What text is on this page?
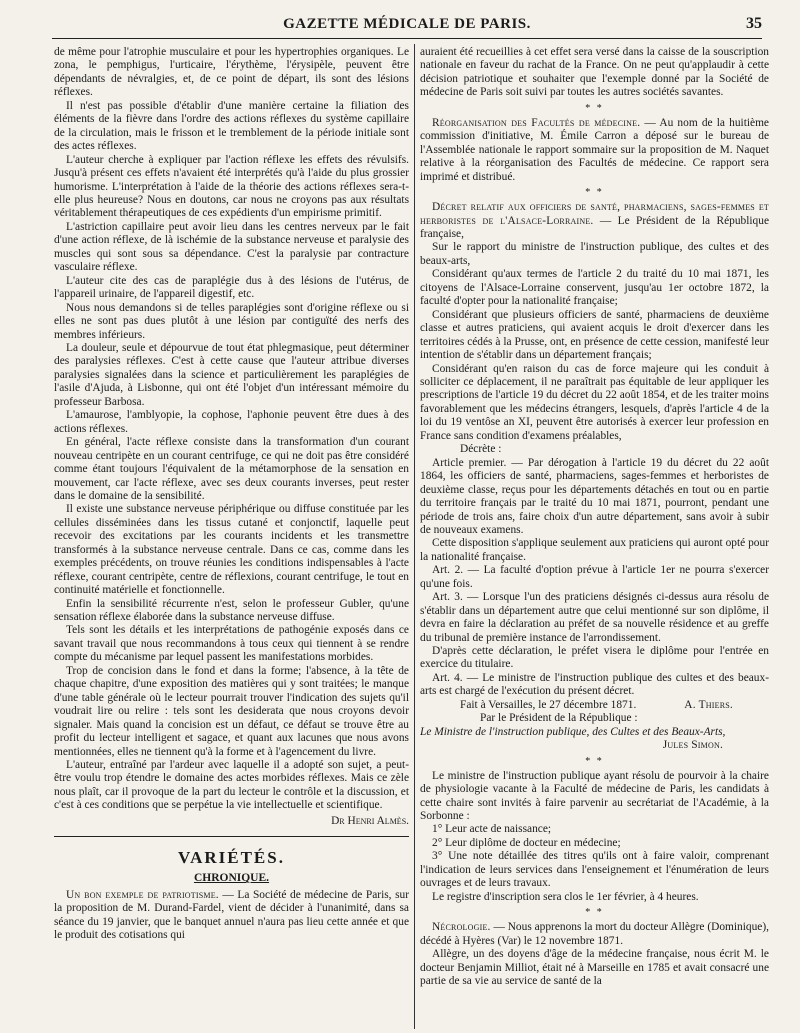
GAZETTE MÉDICALE DE PARIS.	35

de même pour l'atrophie musculaire et pour les hypertrophies organiques. Le zona, le pemphigus, l'urticaire, l'érythème, l'érysipèle, peuvent être dépendants de névralgies, et, de ce point de départ, ils sont des lésions réflexes.

Il n'est pas possible d'établir d'une manière certaine la filiation des éléments de la fièvre dans l'ordre des actions réflexes du système capillaire de la circulation, mais le frisson et le tremblement de la période initiale sont des actes réflexes.

L'auteur cherche à expliquer par l'action réflexe les effets des révulsifs. Jusqu'à présent ces effets n'avaient été interprétés qu'à l'aide du plus grossier humorisme. L'interprétation à l'aide de la théorie des actions réflexes sera-t-elle plus heureuse? Nous en doutons, car nous ne croyons pas aux résultats véritablement thérapeutiques de ces expédients d'un empirisme primitif.

L'astriction capillaire peut avoir lieu dans les centres nerveux par le fait d'une action réflexe, de là ischémie de la substance nerveuse et paralysie des muscles qui sont sous sa dépendance. C'est la paralysie par contracture vasculaire réflexe.

L'auteur cite des cas de paraplégie dus à des lésions de l'utérus, de l'appareil urinaire, de l'appareil digestif, etc.

Nous nous demandons si de telles paraplégies sont d'origine réflexe ou si elles ne sont pas dues plutôt à une lésion par contiguïté des nerfs des membres inférieurs.

La douleur, seule et dépourvue de tout état phlegmasique, peut déterminer des paralysies réflexes. C'est à cette cause que l'auteur attribue diverses paralysies signalées dans la science et particulièrement les paraplégies de l'asile d'Ajuda, à Lisbonne, qui ont été l'objet d'un intéressant mémoire du professeur Barbosa.

L'amaurose, l'amblyopie, la cophose, l'aphonie peuvent être dues à des actions réflexes.

En général, l'acte réflexe consiste dans la transformation d'un courant nouveau centripète en un courant centrifuge, ce qui ne doit pas être considéré comme étant toujours l'équivalent de la métamorphose de la sensation en mouvement, car l'acte réflexe, avec ses deux courants inverses, peut rester dans le domaine de la sensibilité.

Il existe une substance nerveuse périphérique ou diffuse constituée par les cellules disséminées dans les tissus cutané et conjonctif, laquelle peut recevoir des excitations par les courants incidents et les transmettre transformés à la substance nerveuse centrale. Dans ce cas, comme dans les exemples précédents, on trouve réunies les conditions indispensables à l'acte réflexe, courant centripète, centre de réflexions, courant centrifuge, le tout en continuité matérielle et fonctionnelle.

Enfin la sensibilité récurrente n'est, selon le professeur Gubler, qu'une sensation réflexe élaborée dans la substance nerveuse diffuse.

Tels sont les détails et les interprétations de pathogénie exposés dans ce savant travail que nous recommandons à tous ceux qui tiennent à se rendre compte du mécanisme par lequel passent les manifestations morbides.

Trop de concision dans le fond et dans la forme; l'absence, à la tête de chaque chapitre, d'une exposition des matières qui y sont traitées; le manque d'une table générale où le lecteur pourrait trouver l'indication des sujets qu'il voudrait lire ou relire : tels sont les desiderata que nous croyons devoir signaler. Mais quand la concision est un défaut, ce défaut se trouve être au profit du lecteur intelligent et sagace, et quant aux lacunes que nous avons mentionnées, elles ne tiennent qu'à la forme et à l'agencement du livre.

L'auteur, entraîné par l'ardeur avec laquelle il a adopté son sujet, a peut-être voulu trop étendre le domaine des actes morbides réflexes. Mais ce zèle nous plaît, car il provoque de la part du lecteur le contrôle et la discussion, et c'est à ces conditions que se perpétue la vie intellectuelle et scientifique.

Dr Henri Almès.
VARIÉTÉS.
CHRONIQUE.

Un bon exemple de patriotisme. — La Société de médecine de Paris, sur la proposition de M. Durand-Fardel, vient de décider à l'unanimité, dans sa séance du 19 janvier, que le banquet annuel n'aura pas lieu cette année et que le produit des cotisations qui

auraient été recueillies à cet effet sera versé dans la caisse de la souscription nationale en faveur du rachat de la France. On ne peut qu'applaudir à cette décision patriotique et souhaiter que l'exemple donné par la Société de médecine de Paris soit suivi par toutes les autres sociétés savantes.

* *

Réorganisation des Facultés de médecine. — Au nom de la huitième commission d'initiative, M. Émile Carron a déposé sur le bureau de l'Assemblée nationale le rapport sommaire sur la proposition de M. Naquet relative à la réorganisation des Facultés de médecine. Ce rapport sera imprimé et distribué.

* *

Décret relatif aux officiers de santé, pharmaciens, sages-femmes et herboristes de l'Alsace-Lorraine. — Le Président de la République française,

Sur le rapport du ministre de l'instruction publique, des cultes et des beaux-arts,

Considérant qu'aux termes de l'article 2 du traité du 10 mai 1871, les citoyens de l'Alsace-Lorraine conservent, jusqu'au 1er octobre 1872, la faculté d'opter pour la nationalité française;

Considérant que plusieurs officiers de santé, pharmaciens de deuxième classe et autres praticiens, qui avaient acquis le droit d'exercer dans les territoires cédés à la Prusse, ont, en présence de cette cession, manifesté leur intention de s'établir dans un département français;

Considérant qu'en raison du cas de force majeure qui les conduit à solliciter ce déplacement, il ne paraîtrait pas équitable de leur appliquer les prescriptions de l'article 19 du décret du 22 août 1854, et de les traiter moins favorablement que les médecins étrangers, lesquels, d'après l'article 4 de la loi du 19 ventôse an XI, peuvent être autorisés à exercer leur profession en France sans condition d'examens préalables,

Décrète :

Article premier. — Par dérogation à l'article 19 du décret du 22 août 1864, les officiers de santé, pharmaciens, sages-femmes et herboristes de deuxième classe, reçus pour les départements détachés en tout ou en partie du territoire français par le traité du 10 mai 1871, pourront, pendant une période de trois ans, faire choix d'un autre département, sans avoir à subir de nouveaux examens.

Cette disposition s'applique seulement aux praticiens qui auront opté pour la nationalité française.

Art. 2. — La faculté d'option prévue à l'article 1er ne pourra s'exercer qu'une fois.

Art. 3. — Lorsque l'un des praticiens désignés ci-dessus aura résolu de s'établir dans un département autre que celui mentionné sur son diplôme, il devra en faire la déclaration au préfet de sa nouvelle résidence et au greffe du tribunal de première instance de l'arrondissement.

D'après cette déclaration, le préfet visera le diplôme pour l'entrée en exercice du titulaire.

Art. 4. — Le ministre de l'instruction publique des cultes et des beaux-arts est chargé de l'exécution du présent décret.

Fait à Versailles, le 27 décembre 1871.	A. Thiers.

Par le Président de la République :

Le Ministre de l'instruction publique, des Cultes et des Beaux-Arts,

Jules Simon.

* *

Le ministre de l'instruction publique ayant résolu de pourvoir à la chaire de physiologie vacante à la Faculté de médecine de Paris, les candidats à cette chaire sont invités à faire parvenir au secrétariat de l'Académie, à la Sorbonne :

1° Leur acte de naissance;

2° Leur diplôme de docteur en médecine;

3° Une note détaillée des titres qu'ils ont à faire valoir, comprenant l'indication de leurs services dans l'enseignement et l'énumération de leurs ouvrages et de leurs travaux.

Le registre d'inscription sera clos le 1er février, à 4 heures.

* *

Nécrologie. — Nous apprenons la mort du docteur Allègre (Dominique), décédé à Hyères (Var) le 12 novembre 1871.

Allègre, un des doyens d'âge de la médecine française, nous écrit M. le docteur Benjamin Milliot, était né à Marseille en 1785 et avait consacré une partie de sa vie au service de santé de la
